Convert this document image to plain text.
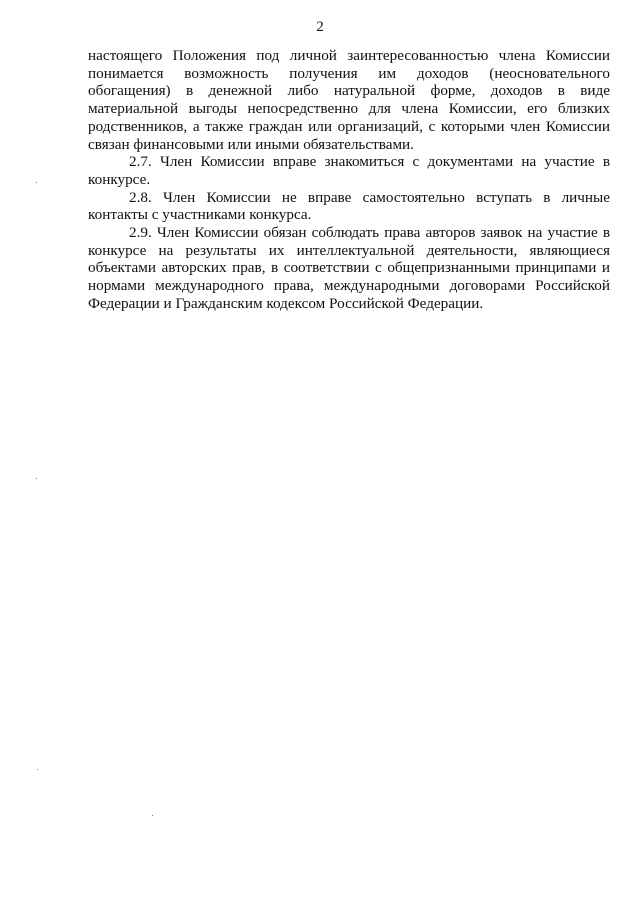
2

настоящего Положения под личной заинтересованностью члена Комиссии понимается возможность получения им доходов (неосновательного обогащения) в денежной либо натуральной форме, доходов в виде материальной выгоды непосредственно для члена Комиссии, его близких родственников, а также граждан или организаций, с которыми член Комиссии связан финансовыми или иными обязательствами.

2.7. Член Комиссии вправе знакомиться с документами на участие в конкурсе.

2.8. Член Комиссии не вправе самостоятельно вступать в личные контакты с участниками конкурса.

2.9. Член Комиссии обязан соблюдать права авторов заявок на участие в конкурсе на результаты их интеллектуальной деятельности, являющиеся объектами авторских прав, в соответствии с общепризнанными принципами и нормами международного права, международными договорами Российской Федерации и Гражданским кодексом Российской Федерации.
